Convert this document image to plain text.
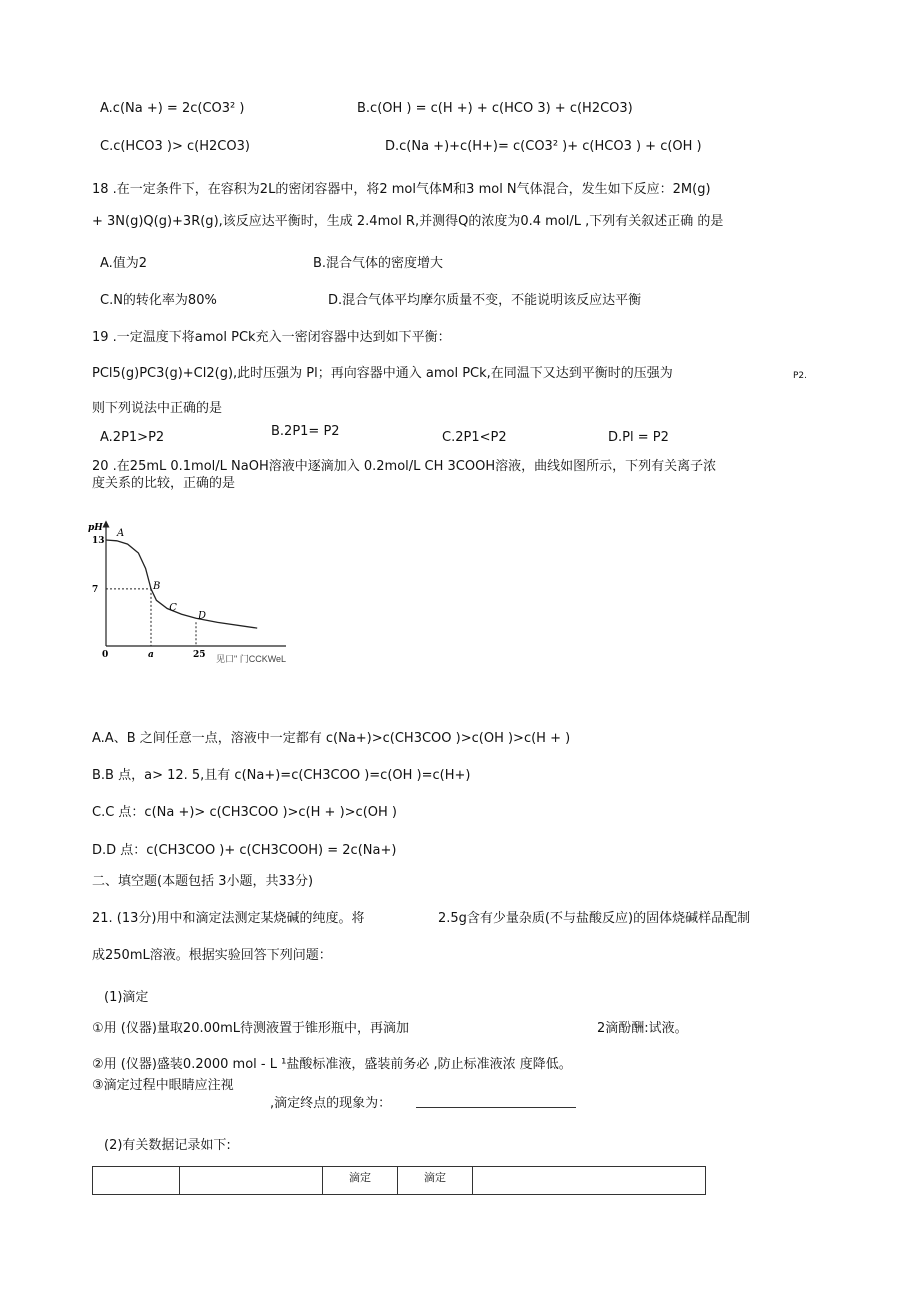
A.c(Na +) = 2c(CO3² )	B.c(OH ) = c(H +) + c(HCO 3) + c(H2CO3)
C.c(HCO3 )> c(H2CO3)	D.c(Na +)+c(H+)= c(CO3² )+ c(HCO3 ) + c(OH )
18 .在一定条件下，在容积为2L的密闭容器中，将2 mol气体M和3 mol N气体混合，发生如下反应：2M(g)
+ 3N(g)Q(g)+3R(g),该反应达平衡时，生成 2.4mol R,并测得Q的浓度为0.4 mol/L ,下列有关叙述正确 的是
A.值为2	B.混合气体的密度增大
C.N的转化率为80%	D.混合气体平均摩尔质量不变，不能说明该反应达平衡
19 .一定温度下将amol PCk充入一密闭容器中达到如下平衡：
PCl5(g)PC3(g)+Cl2(g),此时压强为 Pl；再向容器中通入 amol PCk,在同温下又达到平衡时的压强为	P2.
则下列说法中正确的是
A.2P1>P2	B.2P1= P2	C.2P1<P2	D.Pl = P2
20 .在25mL 0.1mol/L NaOH溶液中逐滴加入 0.2mol/L CH 3COOH溶液，曲线如图所示，下列有关离子浓
度关系的比较，正确的是
pH
13
7
0	a	25
A
B
C
D
见口" 门CCKWeL
A.A、B 之间任意一点，溶液中一定都有 c(Na+)>c(CH3COO )>c(OH )>c(H + )
B.B 点，a> 12. 5,且有 c(Na+)=c(CH3COO )=c(OH )=c(H+)
C.C 点：c(Na +)> c(CH3COO )>c(H + )>c(OH )
D.D 点：c(CH3COO )+ c(CH3COOH) = 2c(Na+)
二、填空题(本题包括 3小题，共33分)
21. (13分)用中和滴定法测定某烧碱的纯度。将	2.5g含有少量杂质(不与盐酸反应)的固体烧碱样品配制
成250mL溶液。根据实验回答下列问题：
(1)滴定
①用 (仪器)量取20.00mL待测液置于锥形瓶中，再滴加	2滴酚酬:试液。
②用 (仪器)盛装0.2000 mol - L ¹盐酸标准液，盛装前务必 ,防止标准液浓 度降低。
③滴定过程中眼睛应注视
,滴定终点的现象为：
(2)有关数据记录如下:
		滴定	滴定	
